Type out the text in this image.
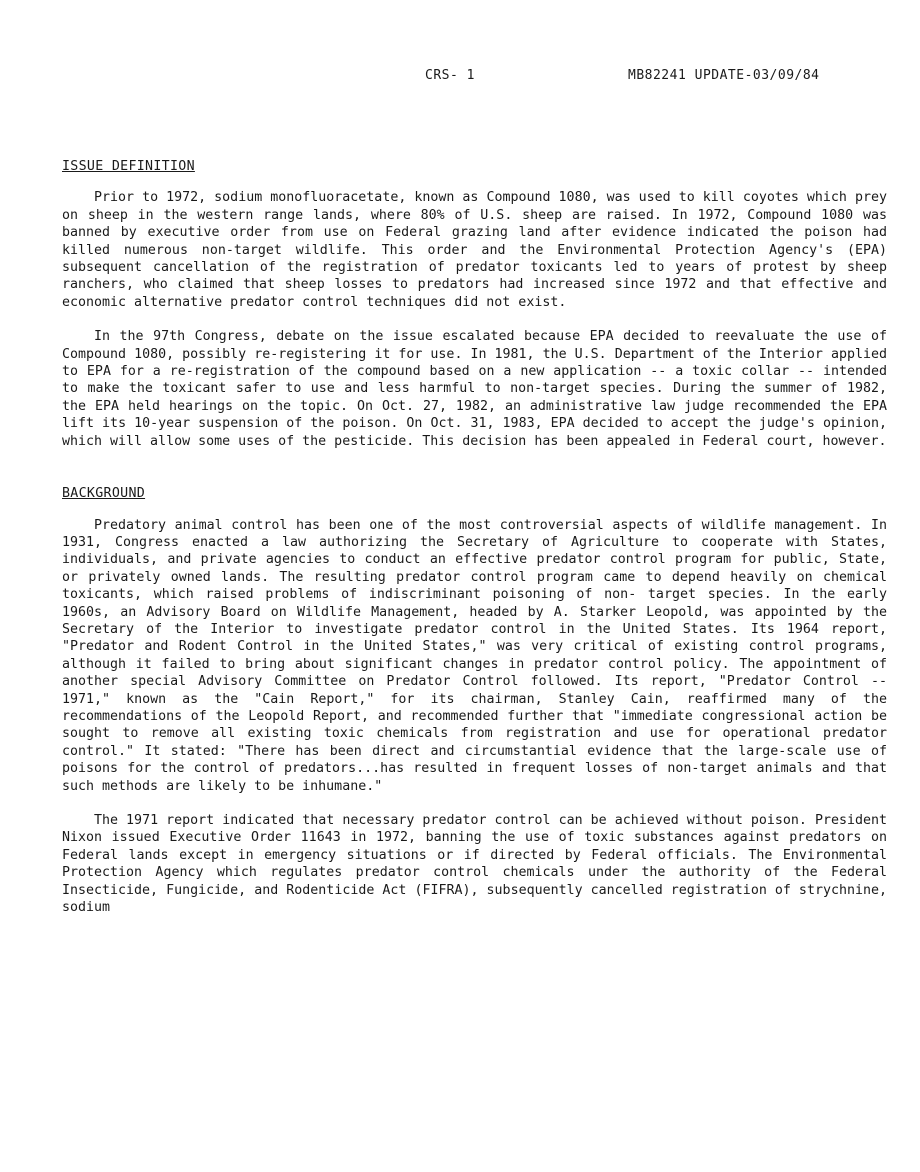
CRS- 1	MB82241 UPDATE-03/09/84
ISSUE DEFINITION

Prior to 1972, sodium monofluoracetate, known as Compound 1080, was used to kill coyotes which prey on sheep in the western range lands, where 80% of U.S. sheep are raised. In 1972, Compound 1080 was banned by executive order from use on Federal grazing land after evidence indicated the poison had killed numerous non-target wildlife. This order and the Environmental Protection Agency's (EPA) subsequent cancellation of the registration of predator toxicants led to years of protest by sheep ranchers, who claimed that sheep losses to predators had increased since 1972 and that effective and economic alternative predator control techniques did not exist.

In the 97th Congress, debate on the issue escalated because EPA decided to reevaluate the use of Compound 1080, possibly re-registering it for use. In 1981, the U.S. Department of the Interior applied to EPA for a re-registration of the compound based on a new application -- a toxic collar -- intended to make the toxicant safer to use and less harmful to non-target species. During the summer of 1982, the EPA held hearings on the topic. On Oct. 27, 1982, an administrative law judge recommended the EPA lift its 10-year suspension of the poison. On Oct. 31, 1983, EPA decided to accept the judge's opinion, which will allow some uses of the pesticide. This decision has been appealed in Federal court, however.

BACKGROUND

Predatory animal control has been one of the most controversial aspects of wildlife management. In 1931, Congress enacted a law authorizing the Secretary of Agriculture to cooperate with States, individuals, and private agencies to conduct an effective predator control program for public, State, or privately owned lands. The resulting predator control program came to depend heavily on chemical toxicants, which raised problems of indiscriminant poisoning of non- target species. In the early 1960s, an Advisory Board on Wildlife Management, headed by A. Starker Leopold, was appointed by the Secretary of the Interior to investigate predator control in the United States. Its 1964 report, "Predator and Rodent Control in the United States," was very critical of existing control programs, although it failed to bring about significant changes in predator control policy. The appointment of another special Advisory Committee on Predator Control followed. Its report, "Predator Control -- 1971," known as the "Cain Report," for its chairman, Stanley Cain, reaffirmed many of the recommendations of the Leopold Report, and recommended further that "immediate congressional action be sought to remove all existing toxic chemicals from registration and use for operational predator control." It stated: "There has been direct and circumstantial evidence that the large-scale use of poisons for the control of predators...has resulted in frequent losses of non-target animals and that such methods are likely to be inhumane."

The 1971 report indicated that necessary predator control can be achieved without poison. President Nixon issued Executive Order 11643 in 1972, banning the use of toxic substances against predators on Federal lands except in emergency situations or if directed by Federal officials. The Environmental Protection Agency which regulates predator control chemicals under the authority of the Federal Insecticide, Fungicide, and Rodenticide Act (FIFRA), subsequently cancelled registration of strychnine, sodium
